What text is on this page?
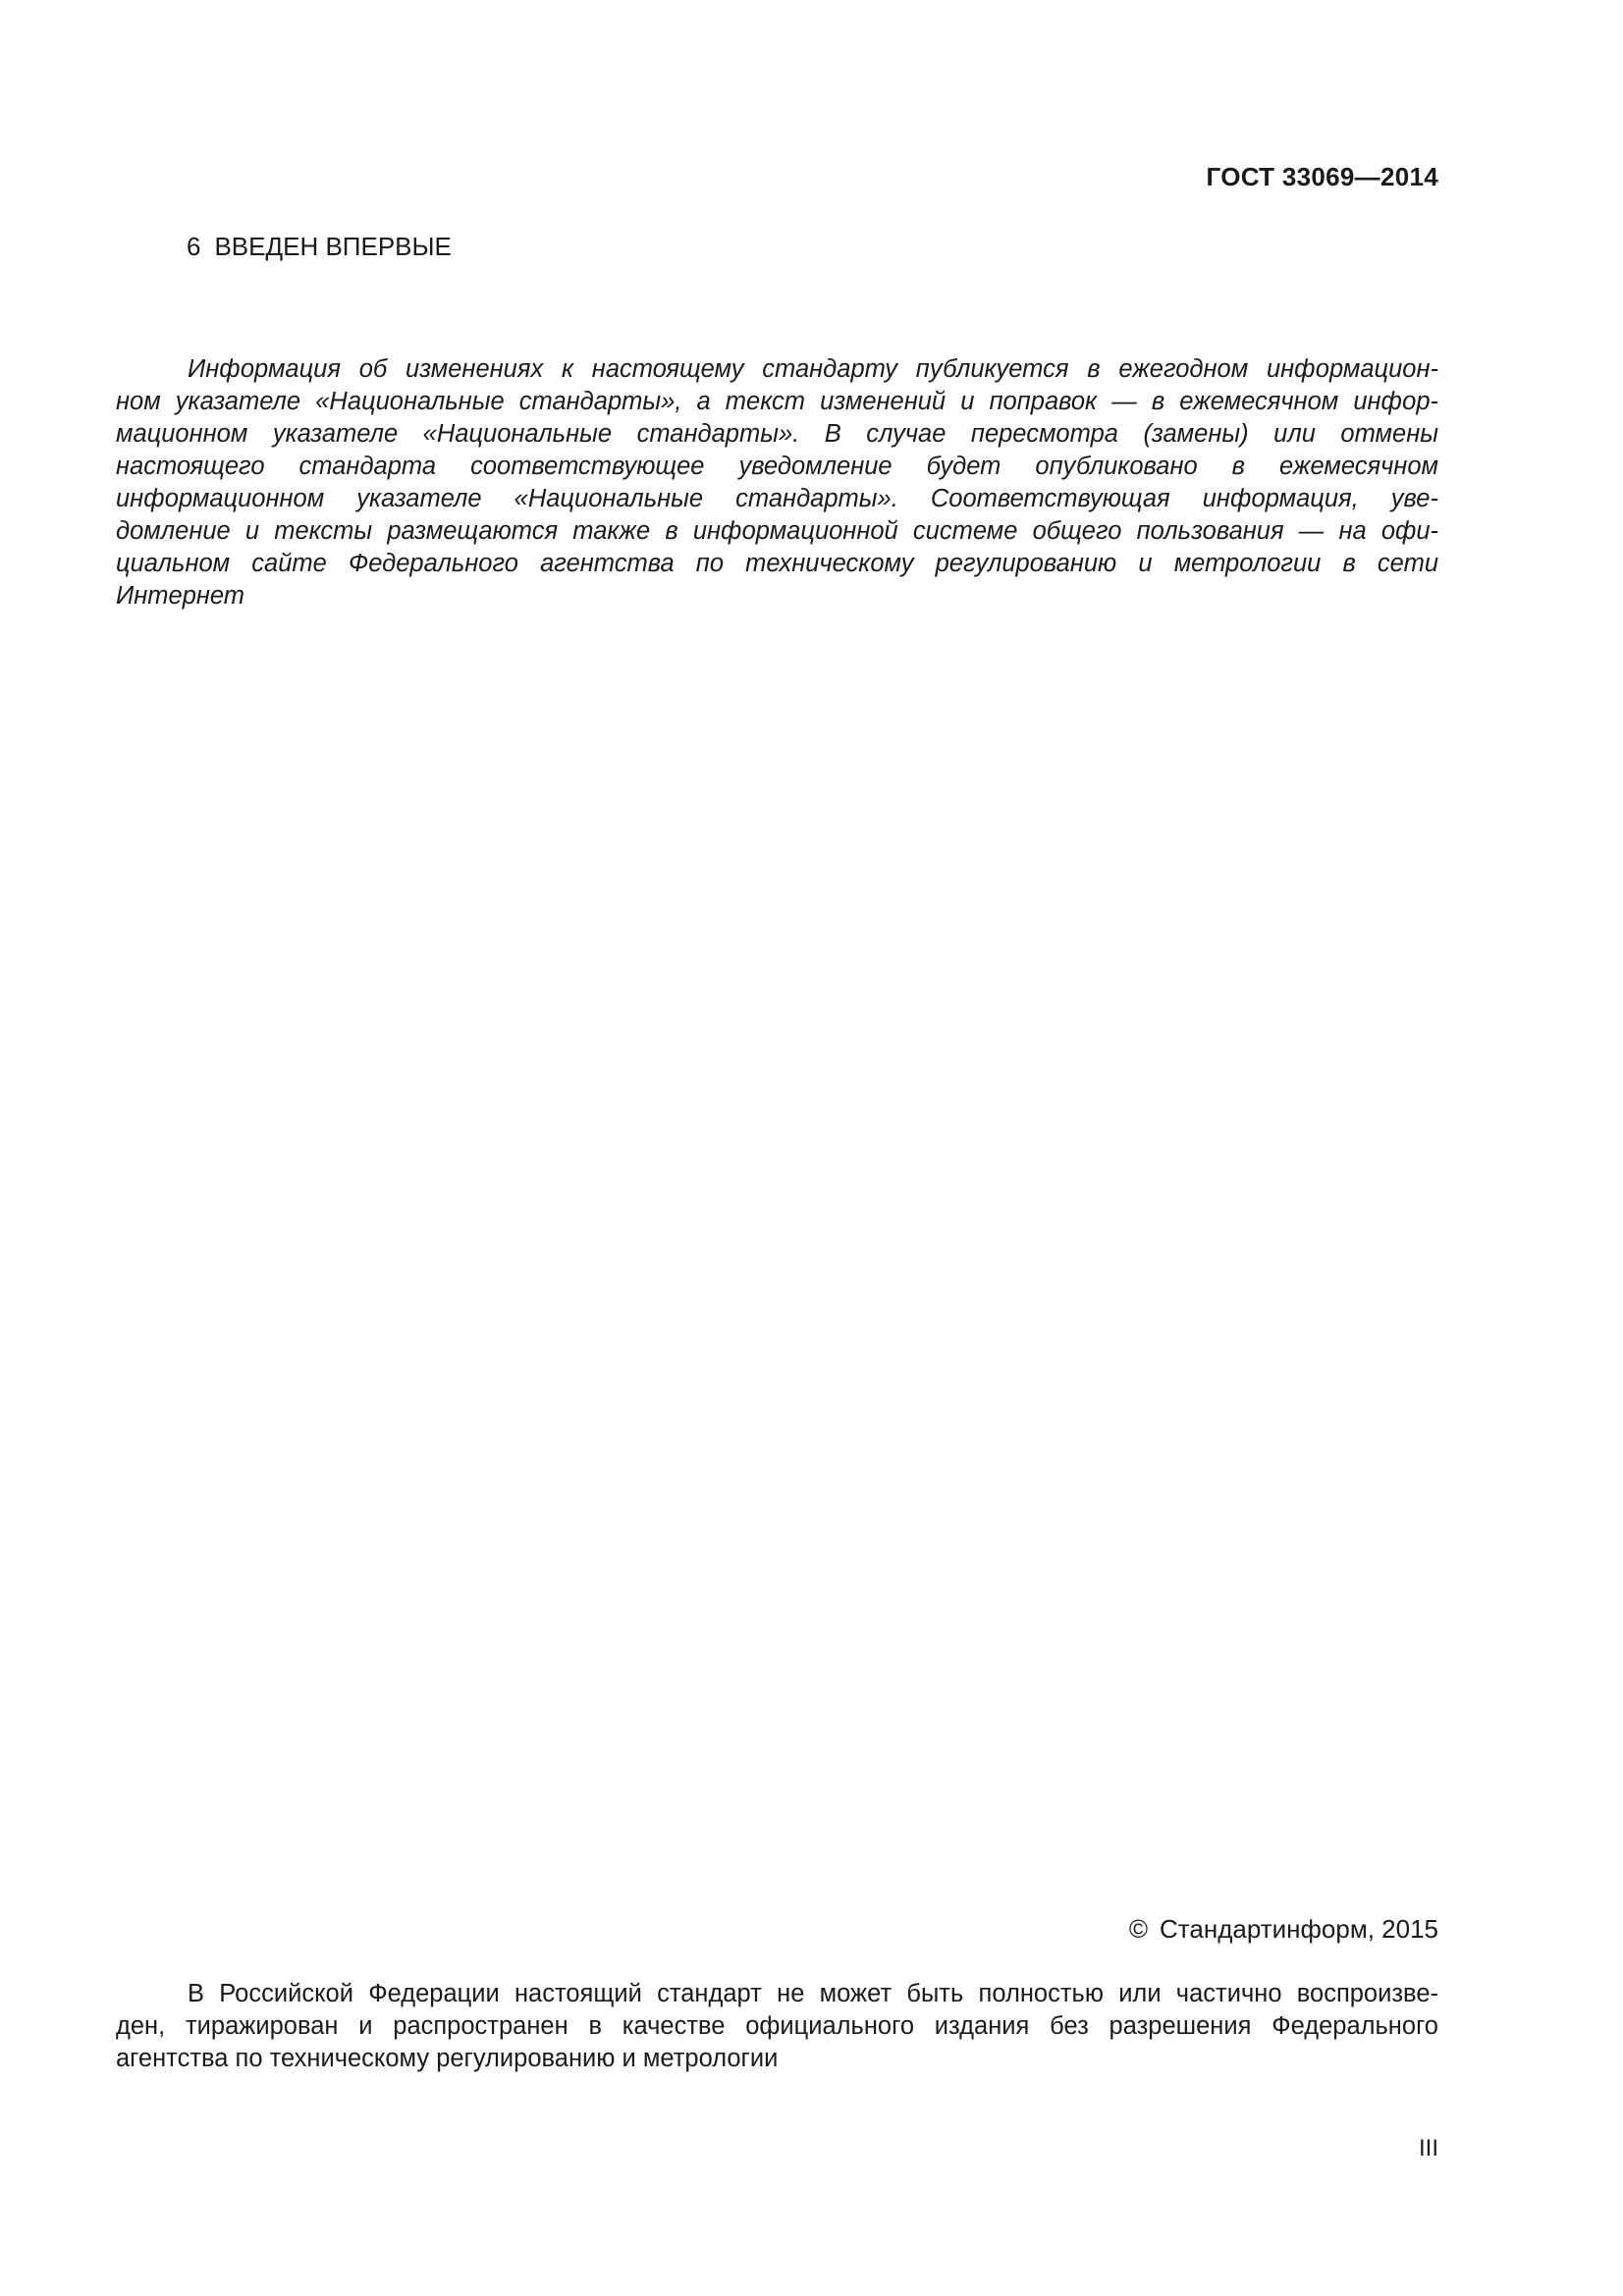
ГОСТ 33069—2014
6 ВВЕДЕН ВПЕРВЫЕ
Информация об изменениях к настоящему стандарту публикуется в ежегодном информацион-
ном указателе «Национальные стандарты», а текст изменений и поправок — в ежемесячном инфор-
мационном указателе «Национальные стандарты». В случае пересмотра (замены) или отмены
настоящего стандарта соответствующее уведомление будет опубликовано в ежемесячном
информационном указателе «Национальные стандарты». Соответствующая информация, уве-
домление и тексты размещаются также в информационной системе общего пользования — на офи-
циальном сайте Федерального агентства по техническому регулированию и метрологии в сети
Интернет
© Стандартинформ, 2015
В Российской Федерации настоящий стандарт не может быть полностью или частично воспроизве-
ден, тиражирован и распространен в качестве официального издания без разрешения Федерального
агентства по техническому регулированию и метрологии
III
